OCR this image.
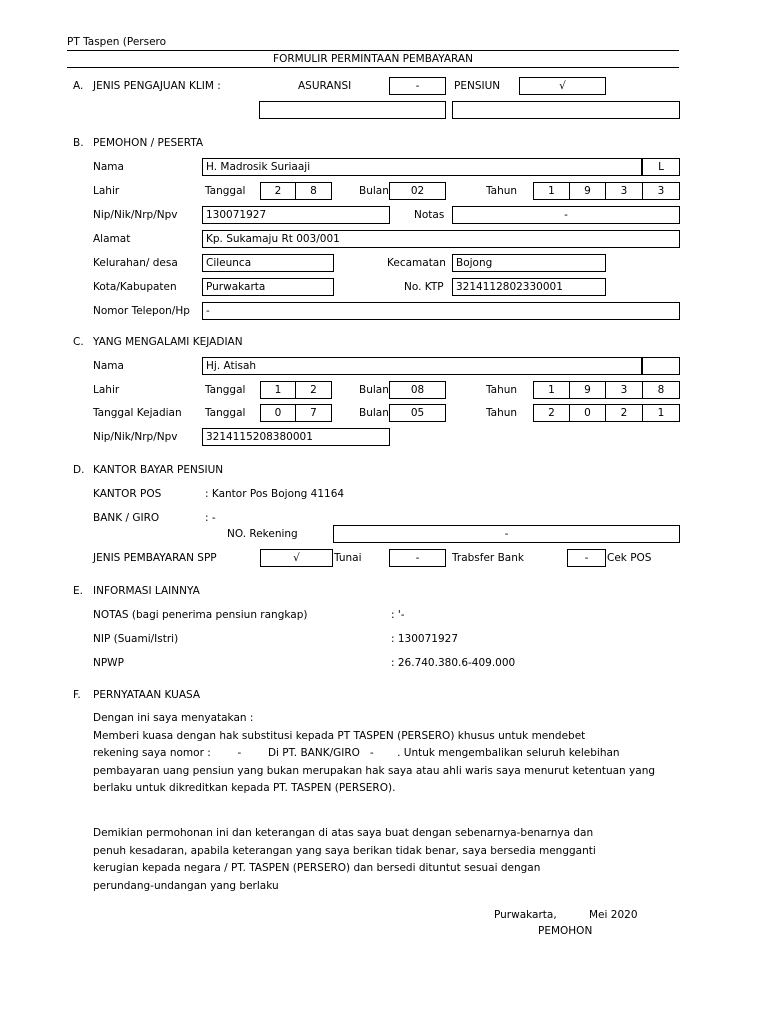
PT Taspen (Persero
FORMULIR PERMINTAAN PEMBAYARAN
A. JENIS PENGAJUAN KLIM :	ASURANSI	-	PENSIUN	√
B. PEMOHON / PESERTA
Nama	H. Madrosik Suriaaji	L
Lahir	Tanggal	2	8	Bulan	02	Tahun	1	9	3	3
Nip/Nik/Nrp/Npv	130071927	Notas	-
Alamat	Kp. Sukamaju Rt 003/001
Kelurahan/ desa	Cileunca	Kecamatan Bojong
Kota/Kabupaten	Purwakarta	No. KTP	3214112802330001
Nomor Telepon/Hp	-
C. YANG MENGALAMI KEJADIAN
Nama	Hj. Atisah
Lahir	Tanggal	1	2	Bulan	08	Tahun	1	9	3	8
Tanggal Kejadian Tanggal	0	7	Bulan	05	Tahun	2	0	2	1
Nip/Nik/Nrp/Npv	3214115208380001
D. KANTOR BAYAR PENSIUN
KANTOR POS	: Kantor Pos Bojong 41164
BANK / GIRO	: -
NO. Rekening	-
JENIS PEMBAYARAN SPP	√	Tunai	-	Trabsfer Bank	-	Cek POS
E. INFORMASI LAINNYA
NOTAS (bagi penerima pensiun rangkap)	: '-
NIP (Suami/Istri)	: 130071927
NPWP	: 26.740.380.6-409.000
F. PERNYATAAN KUASA
Dengan ini saya menyatakan :
Memberi kuasa dengan hak substitusi kepada PT TASPEN (PERSERO) khusus untuk mendebet
rekening saya nomor :        -        Di PT. BANK/GIRO   -       . Untuk mengembalikan seluruh kelebihan
pembayaran uang pensiun yang bukan merupakan hak saya atau ahli waris saya menurut ketentuan yang
berlaku untuk dikreditkan kepada PT. TASPEN (PERSERO).
Demikian permohonan ini dan keterangan di atas saya buat dengan sebenarnya-benarnya dan
penuh kesadaran, apabila keterangan yang saya berikan tidak benar, saya bersedia mengganti
kerugian kepada negara / PT. TASPEN (PERSERO) dan bersedi dituntut sesuai dengan
perundang-undangan yang berlaku
Purwakarta,	Mei 2020
PEMOHON
